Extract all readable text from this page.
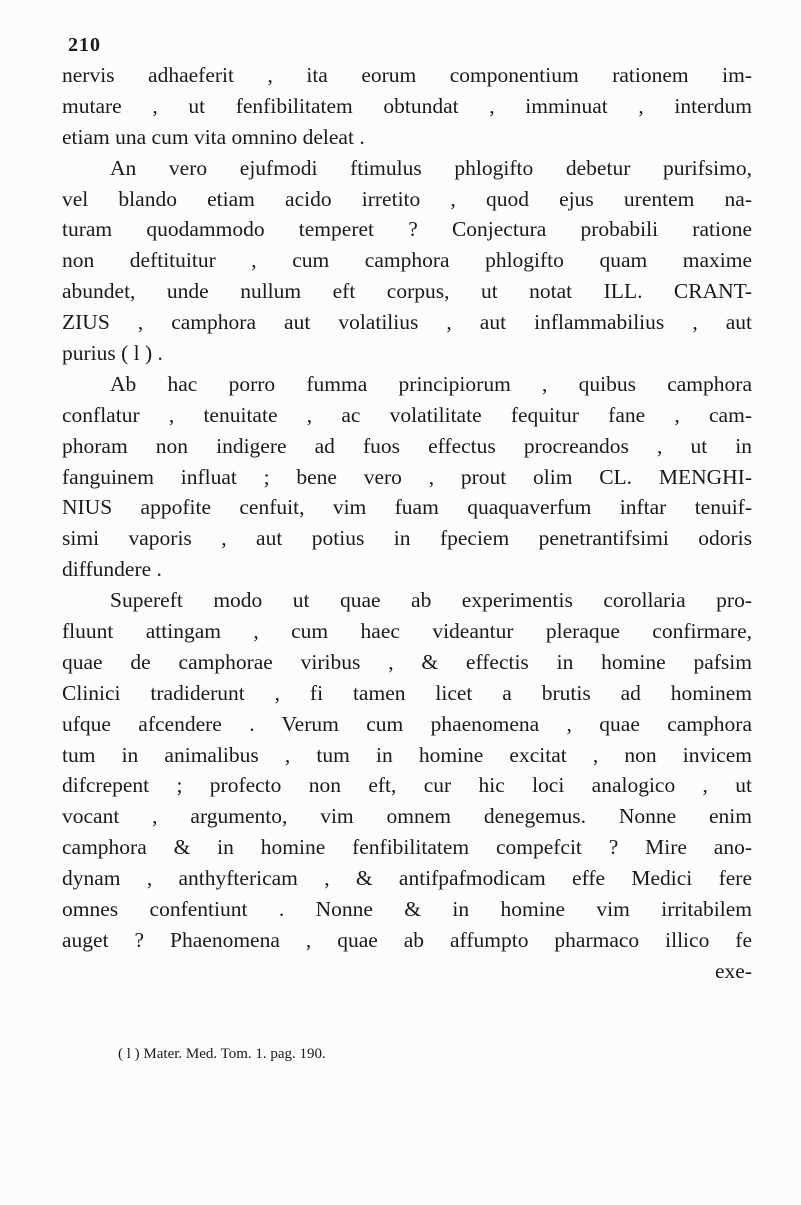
210
nervis adhaeferit , ita eorum componentium rationem im-
mutare , ut fenfibilitatem obtundat , imminuat , interdum
etiam una cum vita omnino deleat .
An vero ejufmodi ftimulus phlogifto debetur purifsimo,
vel blando etiam acido irretito , quod ejus urentem na-
turam quodammodo temperet ? Conjectura probabili ratione
non deftituitur , cum camphora phlogifto quam maxime
abundet, unde nullum eft corpus, ut notat ILL. CRANT-
ZIUS , camphora aut volatilius , aut inflammabilius , aut
purius ( l ) .
Ab hac porro fumma principiorum , quibus camphora
conflatur , tenuitate , ac volatilitate fequitur fane , cam-
phoram non indigere ad fuos effectus procreandos , ut in
fanguinem influat ; bene vero , prout olim CL. MENGHI-
NIUS appofite cenfuit, vim fuam quaquaverfum inftar tenuif-
simi vaporis , aut potius in fpeciem penetrantifsimi odoris
diffundere .
Supereft modo ut quae ab experimentis corollaria pro-
fluunt attingam , cum haec videantur pleraque confirmare,
quae de camphorae viribus , & effectis in homine pafsim
Clinici tradiderunt , fi tamen licet a brutis ad hominem
ufque afcendere . Verum cum phaenomena , quae camphora
tum in animalibus , tum in homine excitat , non invicem
difcrepent ; profecto non eft, cur hic loci analogico , ut
vocant , argumento, vim omnem denegemus. Nonne enim
camphora & in homine fenfibilitatem compefcit ? Mire ano-
dynam , anthyftericam , & antifpafmodicam effe Medici fere
omnes confentiunt . Nonne & in homine vim irritabilem
auget ? Phaenomena , quae ab affumpto pharmaco illico fe
exe-
( l ) Mater. Med. Tom. 1. pag. 190.
